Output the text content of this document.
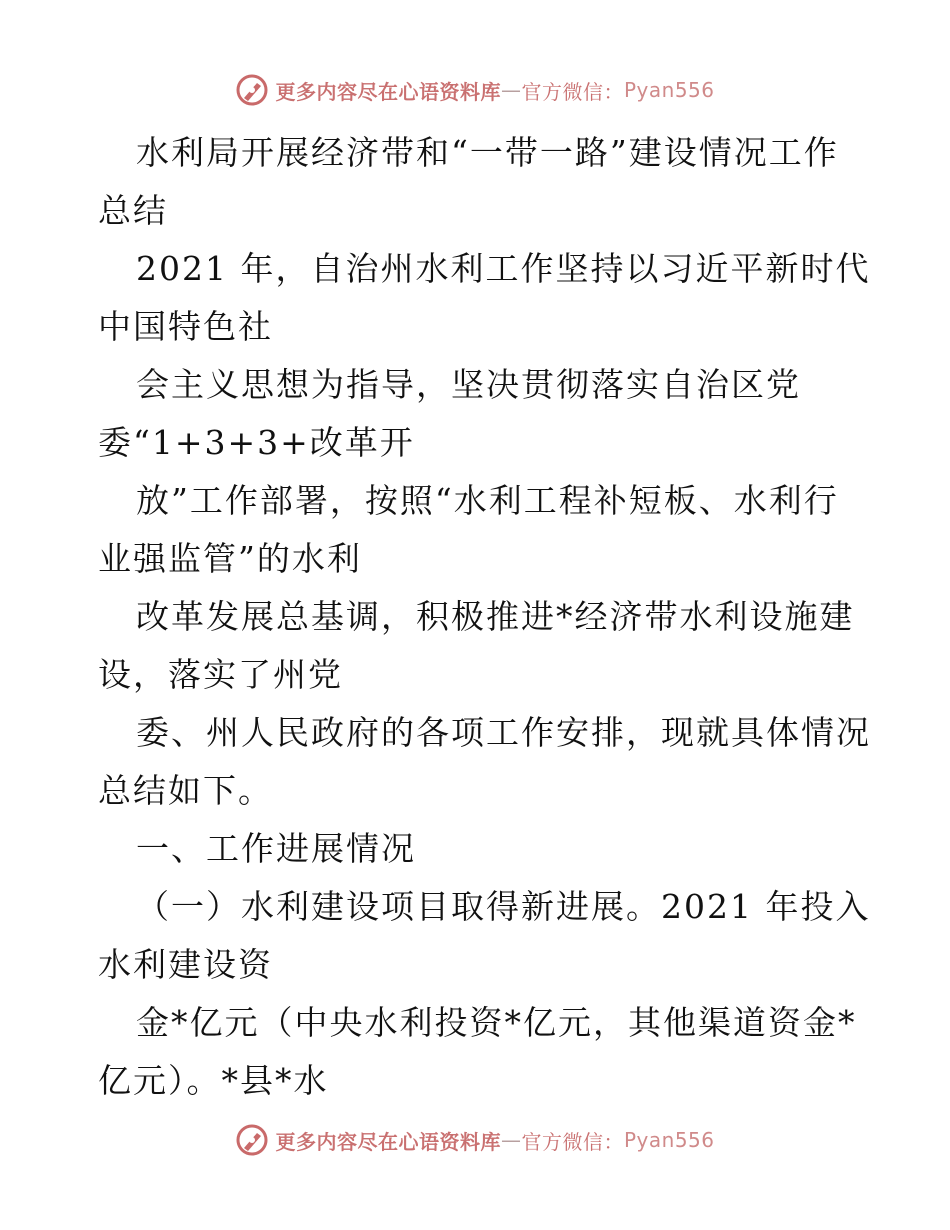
更多内容尽在心语资料库 — 官方微信： Pyan556
水利局开展经济带和“一带一路”建设情况工作
总结
2021 年，自治州水利工作坚持以习近平新时代
中国特色社
会主义思想为指导，坚决贯彻落实自治区党
委“1+3+3+改革开
放”工作部署，按照“水利工程补短板、水利行
业强监管”的水利
改革发展总基调，积极推进*经济带水利设施建
设，落实了州党
委、州人民政府的各项工作安排，现就具体情况
总结如下。
一、工作进展情况
（一）水利建设项目取得新进展。2021 年投入
水利建设资
金*亿元（中央水利投资*亿元，其他渠道资金*
亿元）。*县*水
更多内容尽在心语资料库 — 官方微信： Pyan556
